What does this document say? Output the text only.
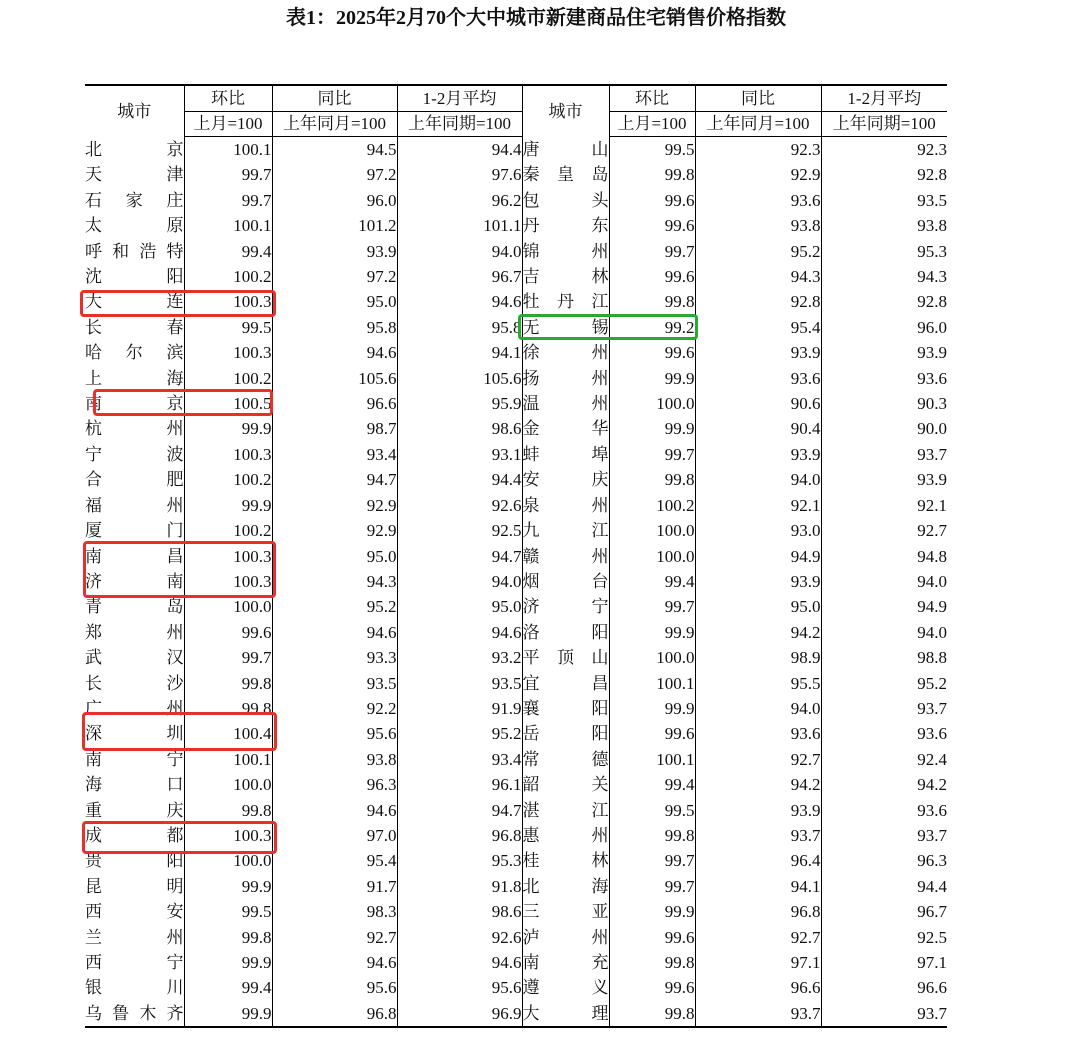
表1：2025年2月70个大中城市新建商品住宅销售价格指数
城市	环比	同比	1-2月平均	城市	环比	同比	1-2月平均
	上月=100	上年同月=100	上年同期=100		上月=100	上年同月=100	上年同期=100
北京	100.1	94.5	94.4	唐山	99.5	92.3	92.3
天津	99.7	97.2	97.6	秦皇岛	99.8	92.9	92.8
石家庄	99.7	96.0	96.2	包头	99.6	93.6	93.5
太原	100.1	101.2	101.1	丹东	99.6	93.8	93.8
呼和浩特	99.4	93.9	94.0	锦州	99.7	95.2	95.3
沈阳	100.2	97.2	96.7	吉林	99.6	94.3	94.3
大连	100.3	95.0	94.6	牡丹江	99.8	92.8	92.8
长春	99.5	95.8	95.8	无锡	99.2	95.4	96.0
哈尔滨	100.3	94.6	94.1	徐州	99.6	93.9	93.9
上海	100.2	105.6	105.6	扬州	99.9	93.6	93.6
南京	100.5	96.6	95.9	温州	100.0	90.6	90.3
杭州	99.9	98.7	98.6	金华	99.9	90.4	90.0
宁波	100.3	93.4	93.1	蚌埠	99.7	93.9	93.7
合肥	100.2	94.7	94.4	安庆	99.8	94.0	93.9
福州	99.9	92.9	92.6	泉州	100.2	92.1	92.1
厦门	100.2	92.9	92.5	九江	100.0	93.0	92.7
南昌	100.3	95.0	94.7	赣州	100.0	94.9	94.8
济南	100.3	94.3	94.0	烟台	99.4	93.9	94.0
青岛	100.0	95.2	95.0	济宁	99.7	95.0	94.9
郑州	99.6	94.6	94.6	洛阳	99.9	94.2	94.0
武汉	99.7	93.3	93.2	平顶山	100.0	98.9	98.8
长沙	99.8	93.5	93.5	宜昌	100.1	95.5	95.2
广州	99.8	92.2	91.9	襄阳	99.9	94.0	93.7
深圳	100.4	95.6	95.2	岳阳	99.6	93.6	93.6
南宁	100.1	93.8	93.4	常德	100.1	92.7	92.4
海口	100.0	96.3	96.1	韶关	99.4	94.2	94.2
重庆	99.8	94.6	94.7	湛江	99.5	93.9	93.6
成都	100.3	97.0	96.8	惠州	99.8	93.7	93.7
贵阳	100.0	95.4	95.3	桂林	99.7	96.4	96.3
昆明	99.9	91.7	91.8	北海	99.7	94.1	94.4
西安	99.5	98.3	98.6	三亚	99.9	96.8	96.7
兰州	99.8	92.7	92.6	泸州	99.6	92.7	92.5
西宁	99.9	94.6	94.6	南充	99.8	97.1	97.1
银川	99.4	95.6	95.6	遵义	99.6	96.6	96.6
乌鲁木齐	99.9	96.8	96.9	大理	99.8	93.7	93.7
